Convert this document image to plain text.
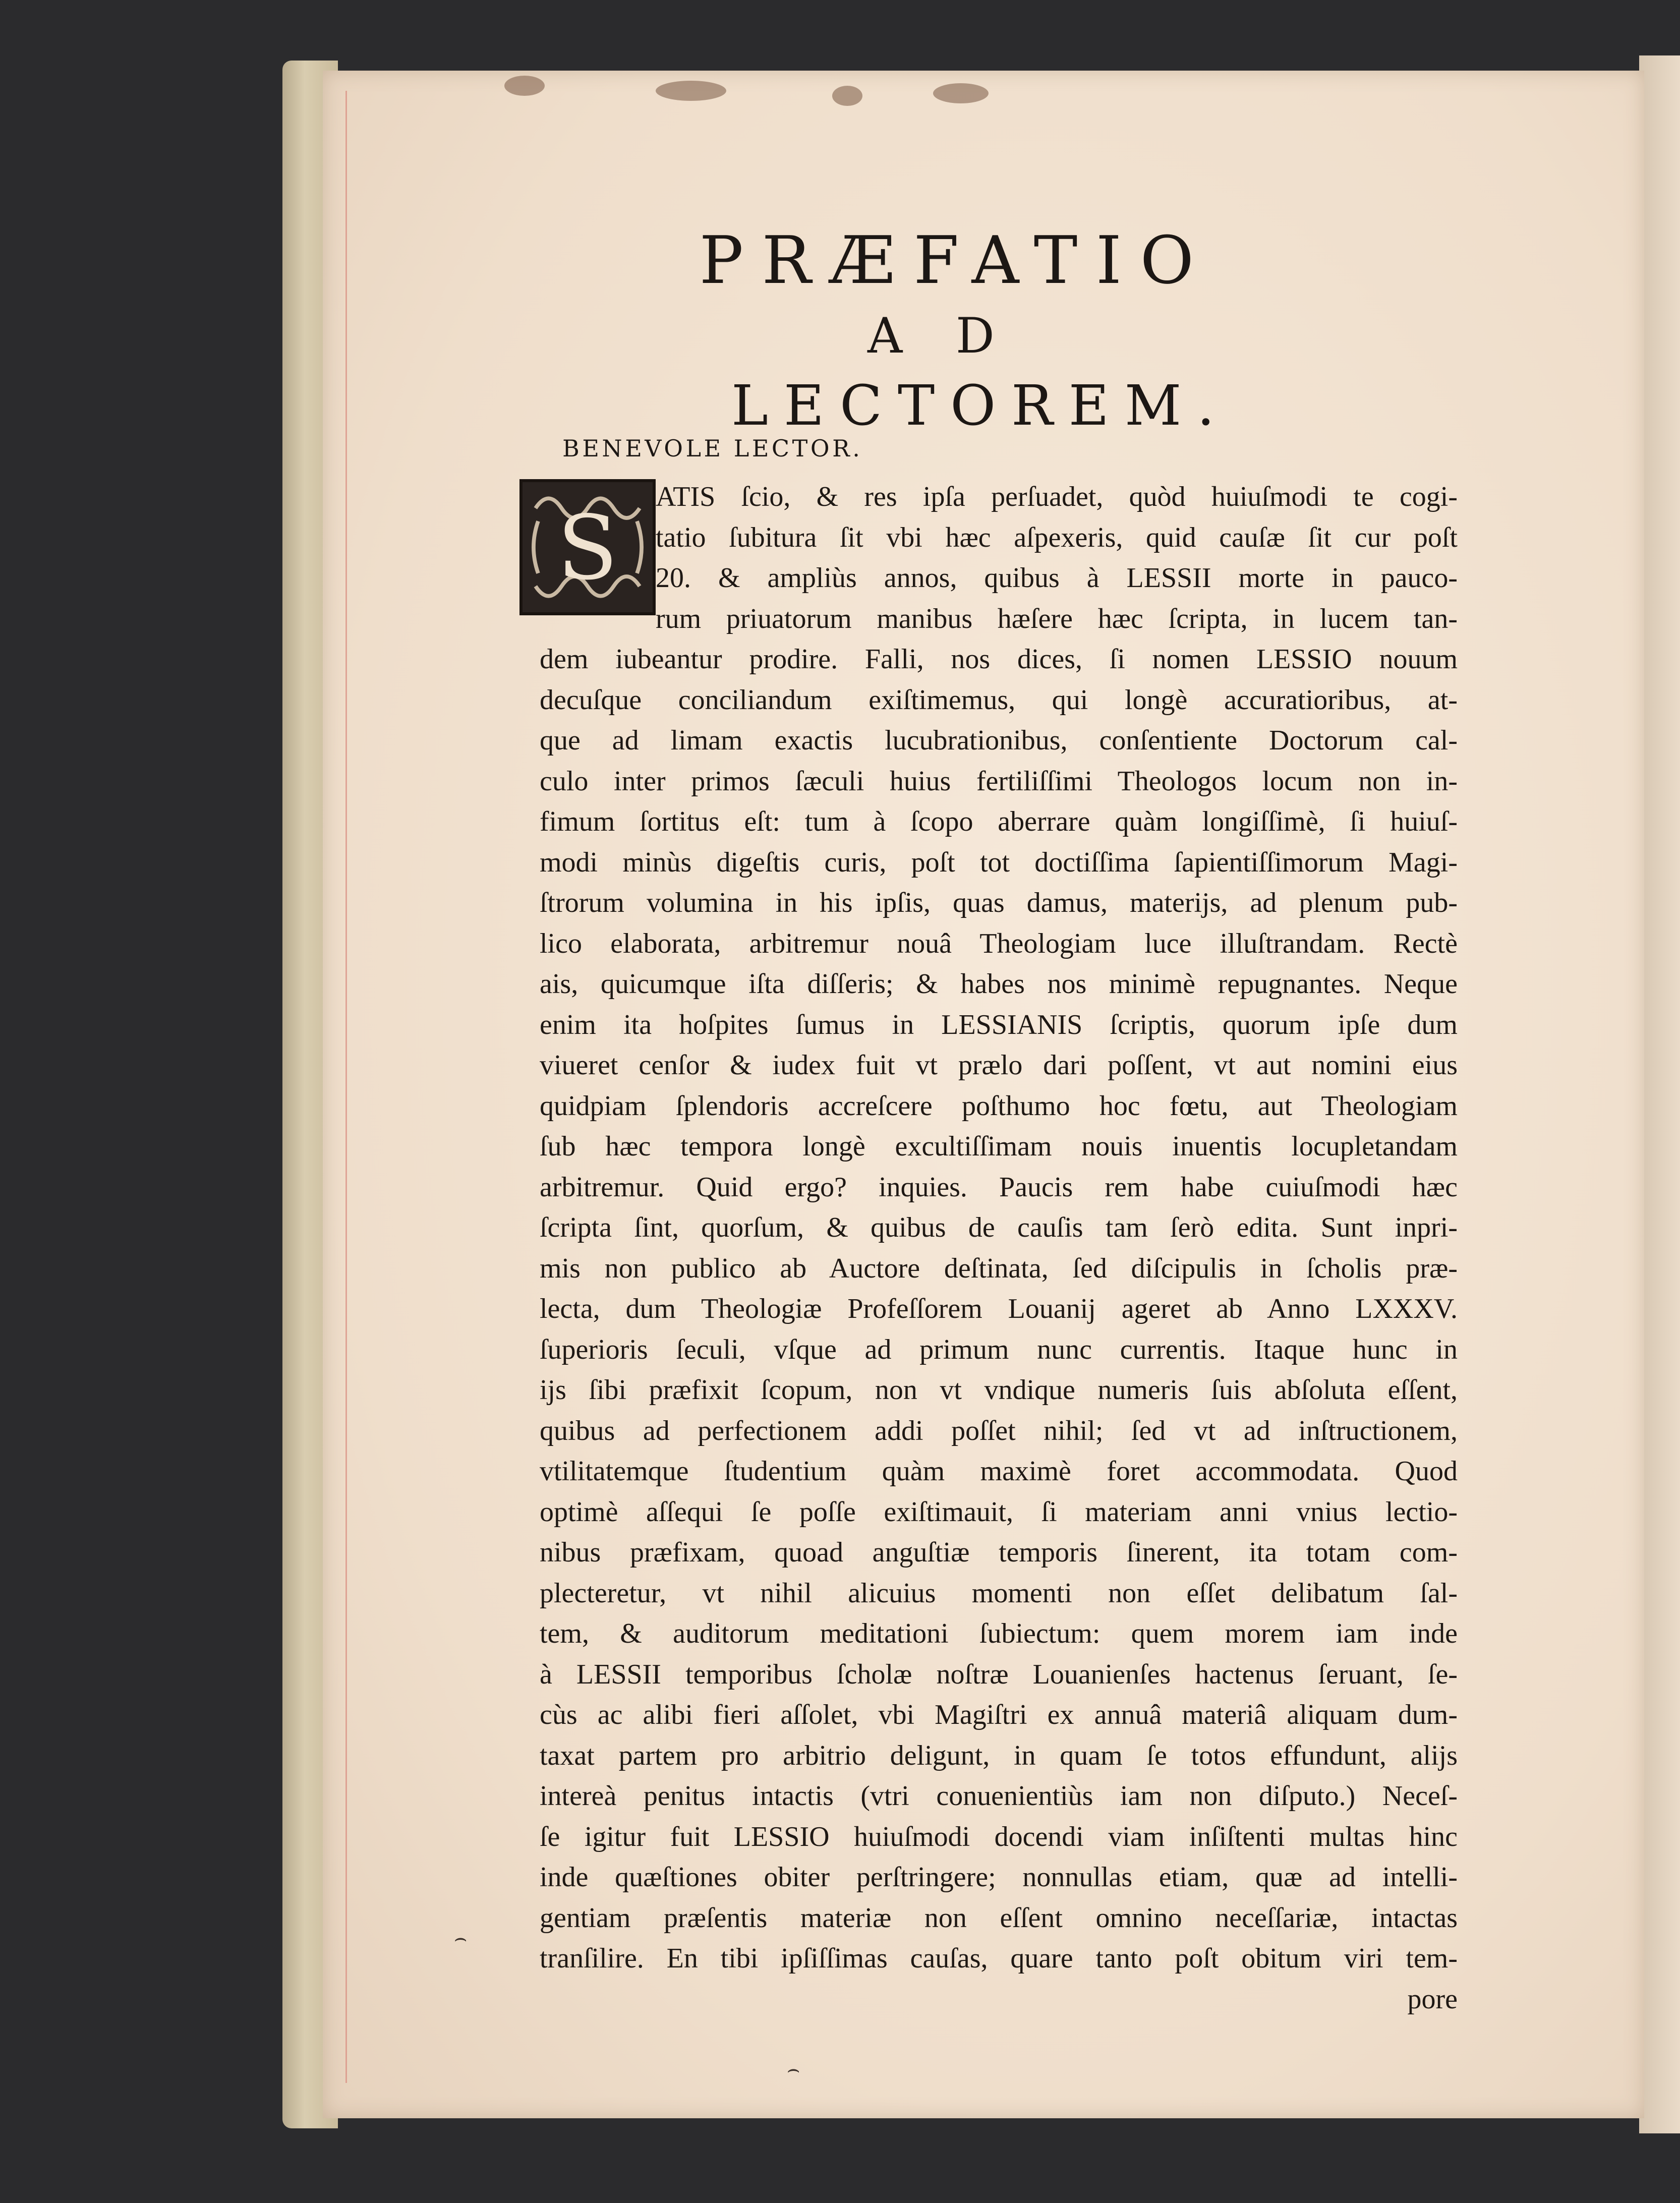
PRÆFATIO
AD
LECTOREM.
BENEVOLE LECTOR.
ATIS ſcio, & res ipſa perſuadet, quòd huiuſmodi te cogi-
tatio ſubitura ſit vbi hæc aſpexeris, quid cauſæ ſit cur poſt
20. & ampliùs annos, quibus à LESSII morte in pauco-
rum priuatorum manibus hæſere hæc ſcripta, in lucem tan-
dem iubeantur prodire. Falli, nos dices, ſi nomen LESSIO nouum
decuſque conciliandum exiſtimemus, qui longè accuratioribus, at-
que ad limam exactis lucubrationibus, conſentiente Doctorum cal-
culo inter primos ſæculi huius fertiliſſimi Theologos locum non in-
fimum ſortitus eſt: tum à ſcopo aberrare quàm longiſſimè, ſi huiuſ-
modi minùs digeſtis curis, poſt tot doctiſſima ſapientiſſimorum Magi-
ſtrorum volumina in his ipſis, quas damus, materijs, ad plenum pub-
lico elaborata, arbitremur nouâ Theologiam luce illuſtrandam. Rectè
ais, quicumque iſta diſſeris; & habes nos minimè repugnantes. Neque
enim ita hoſpites ſumus in LESSIANIS ſcriptis, quorum ipſe dum
viueret cenſor & iudex fuit vt prælo dari poſſent, vt aut nomini eius
quidpiam ſplendoris accreſcere poſthumo hoc fœtu, aut Theologiam
ſub hæc tempora longè excultiſſimam nouis inuentis locupletandam
arbitremur. Quid ergo? inquies. Paucis rem habe cuiuſmodi hæc
ſcripta ſint, quorſum, & quibus de cauſis tam ſerò edita. Sunt inpri-
mis non publico ab Auctore deſtinata, ſed diſcipulis in ſcholis præ-
lecta, dum Theologiæ Profeſſorem Louanij ageret ab Anno LXXXV.
ſuperioris ſeculi, vſque ad primum nunc currentis. Itaque hunc in
ijs ſibi præfixit ſcopum, non vt vndique numeris ſuis abſoluta eſſent,
quibus ad perfectionem addi poſſet nihil; ſed vt ad inſtructionem,
vtilitatemque ſtudentium quàm maximè foret accommodata. Quod
optimè aſſequi ſe poſſe exiſtimauit, ſi materiam anni vnius lectio-
nibus præfixam, quoad anguſtiæ temporis ſinerent, ita totam com-
plecteretur, vt nihil alicuius momenti non eſſet delibatum ſal-
tem, & auditorum meditationi ſubiectum: quem morem iam inde
à LESSII temporibus ſcholæ noſtræ Louanienſes hactenus ſeruant, ſe-
cùs ac alibi fieri aſſolet, vbi Magiſtri ex annuâ materiâ aliquam dum-
taxat partem pro arbitrio deligunt, in quam ſe totos effundunt, alijs
intereà penitus intactis (vtri conuenientiùs iam non diſputo.) Neceſ-
ſe igitur fuit LESSIO huiuſmodi docendi viam inſiſtenti multas hinc
inde quæſtiones obiter perſtringere; nonnullas etiam, quæ ad intelli-
gentiam præſentis materiæ non eſſent omnino neceſſariæ, intactas
tranſilire. En tibi ipſiſſimas cauſas, quare tanto poſt obitum viri tem-
pore
S
⌢
⌢
